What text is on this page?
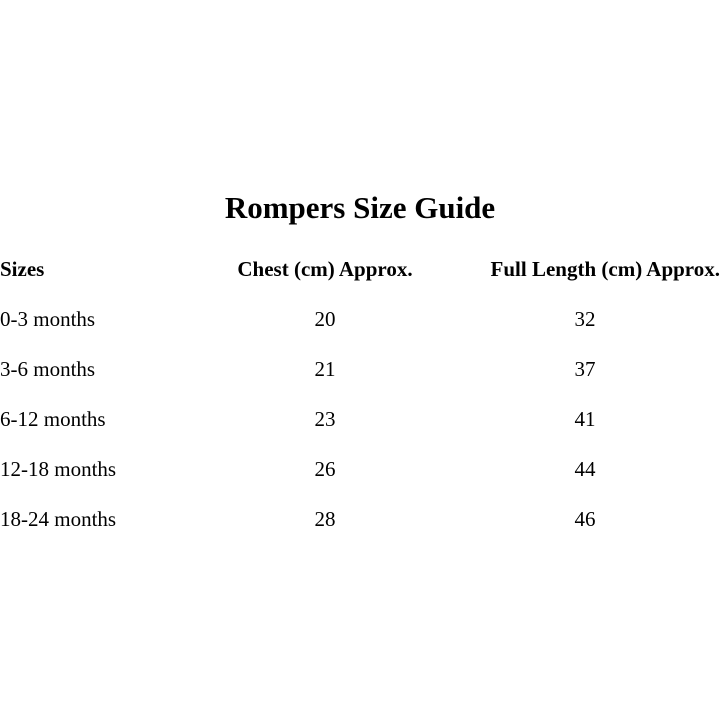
Rompers Size Guide
Sizes	Chest (cm) Approx.	Full Length (cm) Approx.
0-3 months	20	32
3-6 months	21	37
6-12 months	23	41
12-18 months	26	44
18-24 months	28	46
